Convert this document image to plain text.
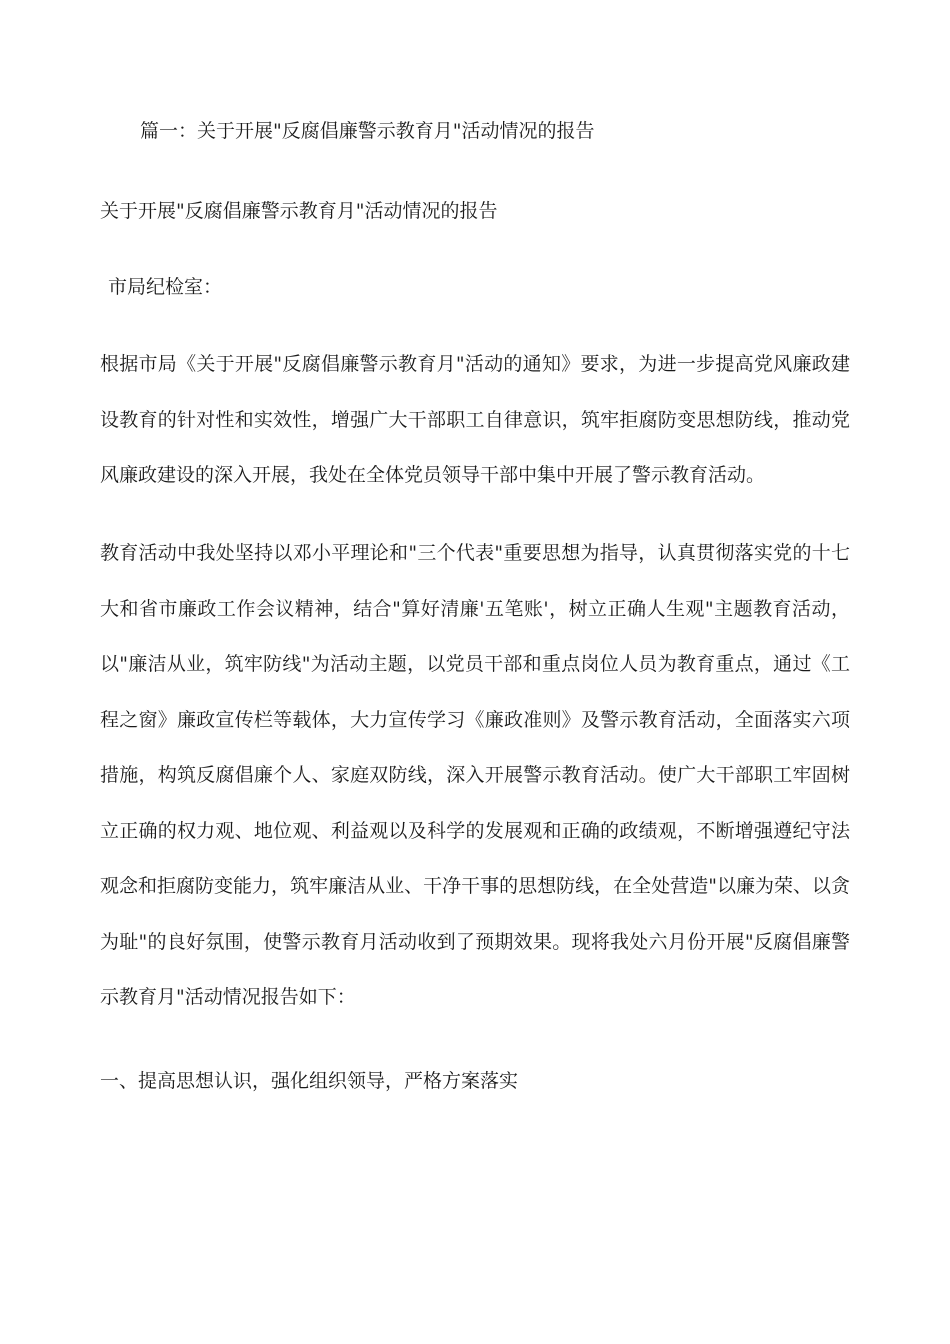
篇一：关于开展"反腐倡廉警示教育月"活动情况的报告

关于开展"反腐倡廉警示教育月"活动情况的报告

市局纪检室：

根据市局《关于开展"反腐倡廉警示教育月"活动的通知》要求，为进一步提高党风廉政建设教育的针对性和实效性，增强广大干部职工自律意识，筑牢拒腐防变思想防线，推动党风廉政建设的深入开展，我处在全体党员领导干部中集中开展了警示教育活动。

教育活动中我处坚持以邓小平理论和"三个代表"重要思想为指导，认真贯彻落实党的十七大和省市廉政工作会议精神，结合"算好清廉'五笔账'，树立正确人生观"主题教育活动，以"廉洁从业，筑牢防线"为活动主题，以党员干部和重点岗位人员为教育重点，通过《工程之窗》廉政宣传栏等载体，大力宣传学习《廉政准则》及警示教育活动，全面落实六项措施，构筑反腐倡廉个人、家庭双防线，深入开展警示教育活动。使广大干部职工牢固树立正确的权力观、地位观、利益观以及科学的发展观和正确的政绩观，不断增强遵纪守法观念和拒腐防变能力，筑牢廉洁从业、干净干事的思想防线，在全处营造"以廉为荣、以贪为耻"的良好氛围，使警示教育月活动收到了预期效果。现将我处六月份开展"反腐倡廉警示教育月"活动情况报告如下：

一、提高思想认识，强化组织领导，严格方案落实
